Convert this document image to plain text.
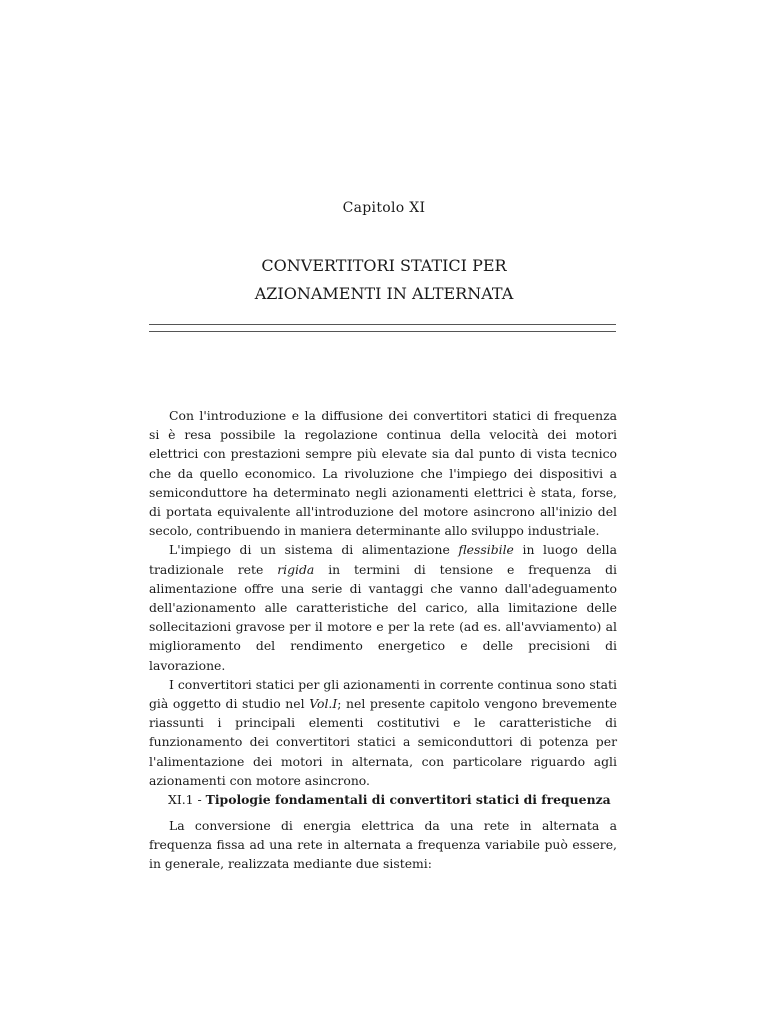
Capitolo XI
CONVERTITORI STATICI PER
AZIONAMENTI IN ALTERNATA

Con l'introduzione e la diffusione dei convertitori statici di frequenza si è resa possibile la regolazione continua della velocità dei motori elettrici con prestazioni sempre più elevate sia dal punto di vista tecnico che da quello economico. La rivoluzione che l'impiego dei dispositivi a semiconduttore ha determinato negli azionamenti elettrici è stata, forse, di portata equivalente all'introduzione del motore asincrono all'inizio del secolo, contribuendo in maniera determinante allo sviluppo industriale.

L'impiego di un sistema di alimentazione flessibile in luogo della tradizionale rete rigida in termini di tensione e frequenza di alimentazione offre una serie di vantaggi che vanno dall'adeguamento dell'azionamento alle caratteristiche del carico, alla limitazione delle sollecitazioni gravose per il motore e per la rete (ad es. all'avviamento) al miglioramento del rendimento energetico e delle precisioni di lavorazione.

I convertitori statici per gli azionamenti in corrente continua sono stati già oggetto di studio nel Vol.I; nel presente capitolo vengono brevemente riassunti i principali elementi costitutivi e le caratteristiche di funzionamento dei convertitori statici a semiconduttori di potenza per l'alimentazione dei motori in alternata, con particolare riguardo agli azionamenti con motore asincrono.

XI.1 - Tipologie fondamentali di convertitori statici di frequenza

La conversione di energia elettrica da una rete in alternata a frequenza fissa ad una rete in alternata a frequenza variabile può essere, in generale, realizzata mediante due sistemi:
